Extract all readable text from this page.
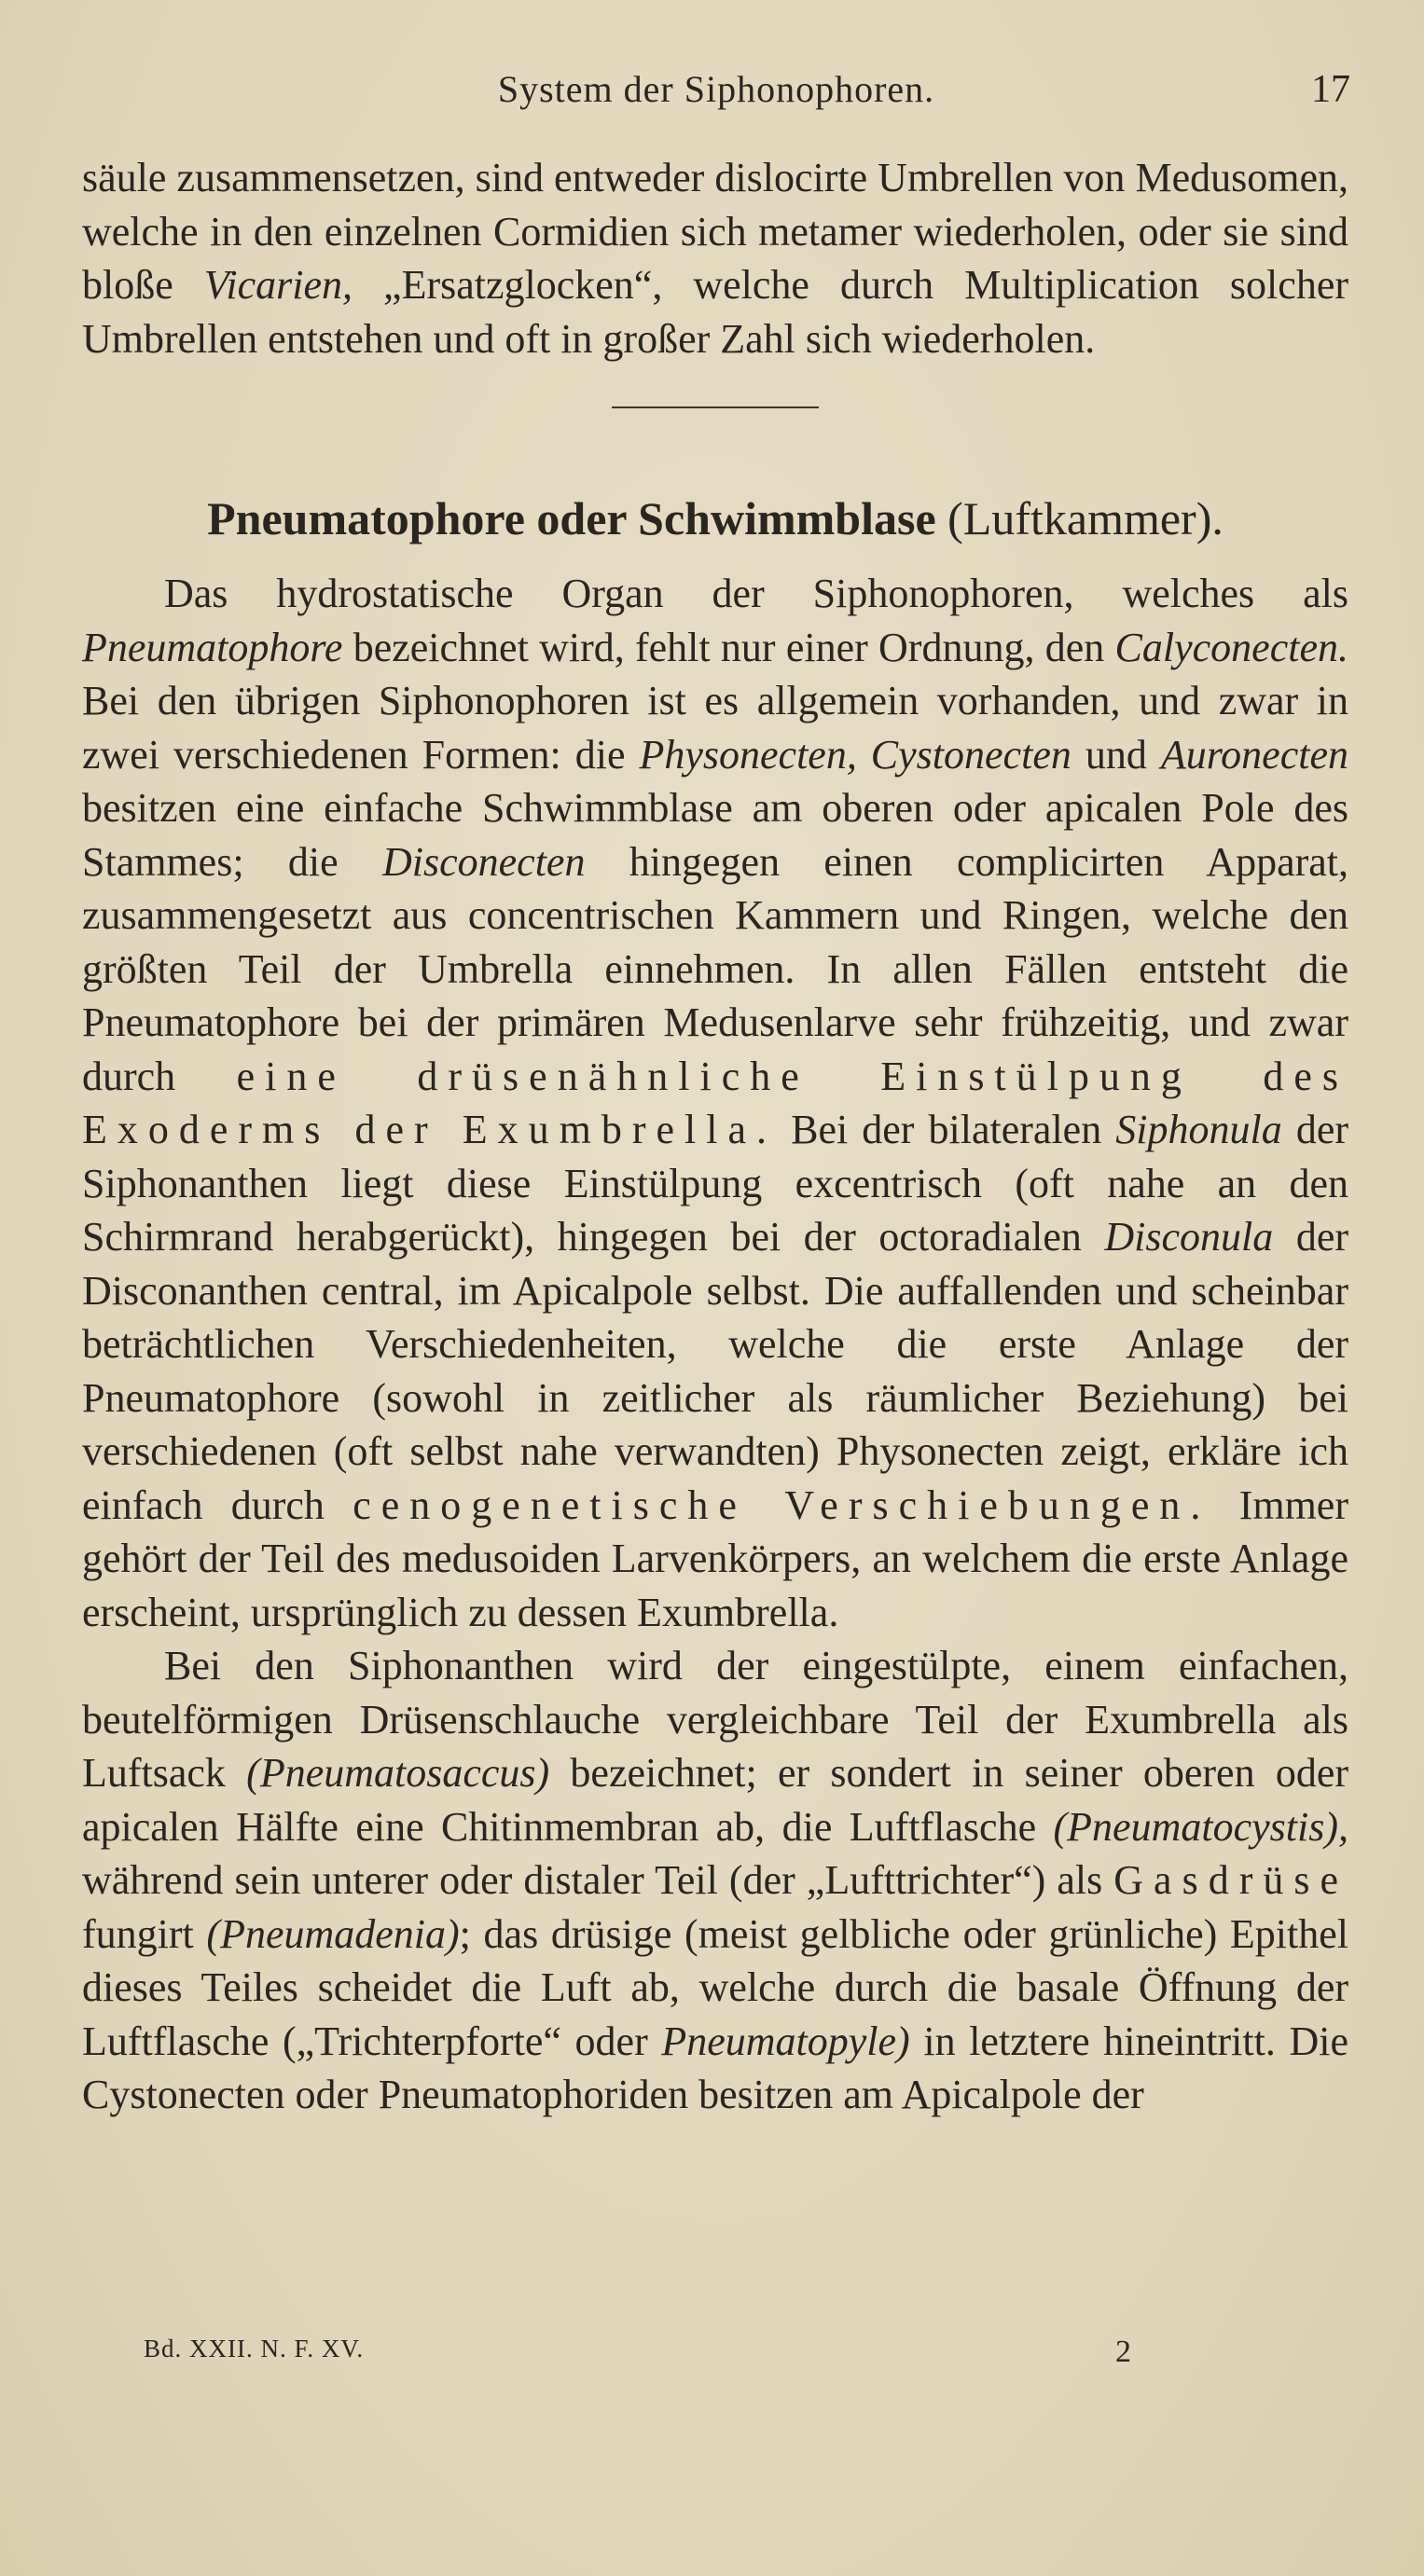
System der Siphonophoren.	17

säule zusammensetzen, sind entweder dislocirte Umbrellen von Medusomen, welche in den einzelnen Cormidien sich metamer wiederholen, oder sie sind bloße Vicarien, „Ersatzglocken“, welche durch Multiplication solcher Umbrellen entstehen und oft in großer Zahl sich wiederholen.

Pneumatophore oder Schwimmblase (Luftkammer).

Das hydrostatische Organ der Siphonophoren, welches als Pneumatophore bezeichnet wird, fehlt nur einer Ordnung, den Calyconecten. Bei den übrigen Siphonophoren ist es allgemein vorhanden, und zwar in zwei verschiedenen Formen: die Physonecten, Cystonecten und Auronecten besitzen eine einfache Schwimmblase am oberen oder apicalen Pole des Stammes; die Disconecten hingegen einen complicirten Apparat, zusammengesetzt aus concentrischen Kammern und Ringen, welche den größten Teil der Umbrella einnehmen. In allen Fällen entsteht die Pneumatophore bei der primären Medusenlarve sehr frühzeitig, und zwar durch eine drüsenähnliche Einstülpung des Exoderms der Exumbrella. Bei der bilateralen Siphonula der Siphonanthen liegt diese Einstülpung excentrisch (oft nahe an den Schirmrand herabgerückt), hingegen bei der octoradialen Disconula der Disconanthen central, im Apicalpole selbst. Die auffallenden und scheinbar beträchtlichen Verschiedenheiten, welche die erste Anlage der Pneumatophore (sowohl in zeitlicher als räumlicher Beziehung) bei verschiedenen (oft selbst nahe verwandten) Physonecten zeigt, erkläre ich einfach durch cenogenetische Verschiebungen. Immer gehört der Teil des medusoiden Larvenkörpers, an welchem die erste Anlage erscheint, ursprünglich zu dessen Exumbrella.

Bei den Siphonanthen wird der eingestülpte, einem einfachen, beutelförmigen Drüsenschlauche vergleichbare Teil der Exumbrella als Luftsack (Pneumatosaccus) bezeichnet; er sondert in seiner oberen oder apicalen Hälfte eine Chitinmembran ab, die Luftflasche (Pneumatocystis), während sein unterer oder distaler Teil (der „Lufttrichter“) als Gasdrüse fungirt (Pneumadenia); das drüsige (meist gelbliche oder grünliche) Epithel dieses Teiles scheidet die Luft ab, welche durch die basale Öffnung der Luftflasche („Trichterpforte“ oder Pneumatopyle) in letztere hineintritt. Die Cystonecten oder Pneumatophoriden besitzen am Apicalpole der

Bd. XXII. N. F. XV.	2
